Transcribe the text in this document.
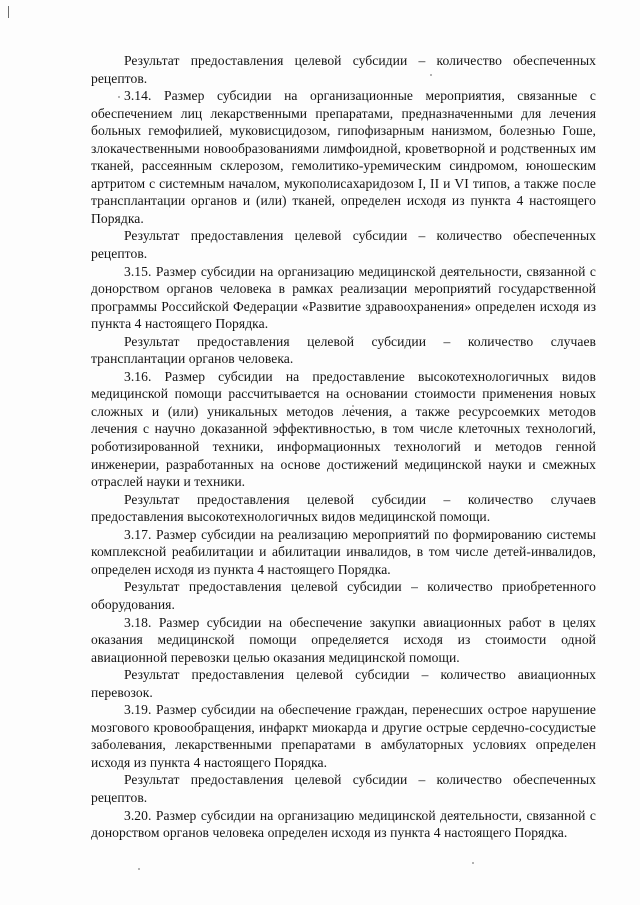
Результат предоставления целевой субсидии – количество обеспеченных рецептов.

3.14. Размер субсидии на организационные мероприятия, связанные с обеспечением лиц лекарственными препаратами, предназначенными для лечения больных гемофилией, муковисцидозом, гипофизарным нанизмом, болезнью Гоше, злокачественными новообразованиями лимфоидной, кроветворной и родственных им тканей, рассеянным склерозом, гемолитико-уремическим синдромом, юношеским артритом с системным началом, мукополисахаридозом I, II и VI типов, а также после трансплантации органов и (или) тканей, определен исходя из пункта 4 настоящего Порядка.

Результат предоставления целевой субсидии – количество обеспеченных рецептов.

3.15. Размер субсидии на организацию медицинской деятельности, связанной с донорством органов человека в рамках реализации мероприятий государственной программы Российской Федерации «Развитие здравоохранения» определен исходя из пункта 4 настоящего Порядка.

Результат предоставления целевой субсидии – количество случаев трансплантации органов человека.

3.16. Размер субсидии на предоставление высокотехнологичных видов медицинской помощи рассчитывается на основании стоимости применения новых сложных и (или) уникальных методов лечения, а также ресурсоемких методов лечения с научно доказанной эффективностью, в том числе клеточных технологий, роботизированной техники, информационных технологий и методов генной инженерии, разработанных на основе достижений медицинской науки и смежных отраслей науки и техники.

Результат предоставления целевой субсидии – количество случаев предоставления высокотехнологичных видов медицинской помощи.

3.17. Размер субсидии на реализацию мероприятий по формированию системы комплексной реабилитации и абилитации инвалидов, в том числе детей-инвалидов, определен исходя из пункта 4 настоящего Порядка.

Результат предоставления целевой субсидии – количество приобретенного оборудования.

3.18. Размер субсидии на обеспечение закупки авиационных работ в целях оказания медицинской помощи определяется исходя из стоимости одной авиационной перевозки целью оказания медицинской помощи.

Результат предоставления целевой субсидии – количество авиационных перевозок.

3.19. Размер субсидии на обеспечение граждан, перенесших острое нарушение мозгового кровообращения, инфаркт миокарда и другие острые сердечно-сосудистые заболевания, лекарственными препаратами в амбулаторных условиях определен исходя из пункта 4 настоящего Порядка.

Результат предоставления целевой субсидии – количество обеспеченных рецептов.

3.20. Размер субсидии на организацию медицинской деятельности, связанной с донорством органов человека определен исходя из пункта 4 настоящего Порядка.
